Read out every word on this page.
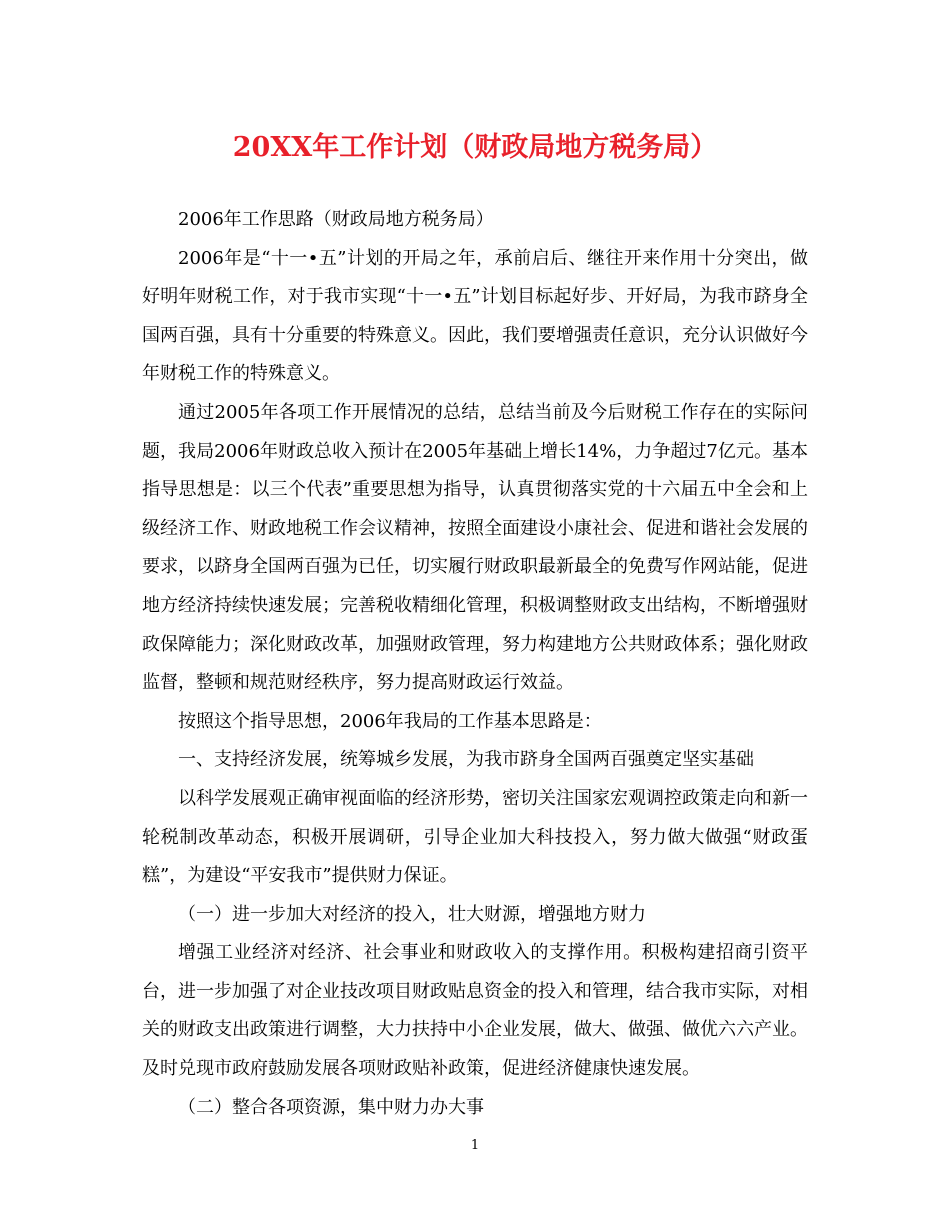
20XX年工作计划（财政局地方税务局）

2006年工作思路（财政局地方税务局）

2006年是“十一•五”计划的开局之年，承前启后、继往开来作用十分突出，做好明年财税工作，对于我市实现“十一•五”计划目标起好步、开好局，为我市跻身全国两百强，具有十分重要的特殊意义。因此，我们要增强责任意识，充分认识做好今年财税工作的特殊意义。

通过2005年各项工作开展情况的总结，总结当前及今后财税工作存在的实际问题，我局2006年财政总收入预计在2005年基础上增长14%，力争超过7亿元。基本指导思想是：以三个代表”重要思想为指导，认真贯彻落实党的十六届五中全会和上级经济工作、财政地税工作会议精神，按照全面建设小康社会、促进和谐社会发展的要求，以跻身全国两百强为已任，切实履行财政职最新最全的免费写作网站能，促进地方经济持续快速发展；完善税收精细化管理，积极调整财政支出结构，不断增强财政保障能力；深化财政改革，加强财政管理，努力构建地方公共财政体系；强化财政监督，整顿和规范财经秩序，努力提高财政运行效益。

按照这个指导思想，2006年我局的工作基本思路是：

一、支持经济发展，统筹城乡发展，为我市跻身全国两百强奠定坚实基础

以科学发展观正确审视面临的经济形势，密切关注国家宏观调控政策走向和新一轮税制改革动态，积极开展调研，引导企业加大科技投入，努力做大做强“财政蛋糕”，为建设“平安我市”提供财力保证。

（一）进一步加大对经济的投入，壮大财源，增强地方财力

增强工业经济对经济、社会事业和财政收入的支撑作用。积极构建招商引资平台，进一步加强了对企业技改项目财政贴息资金的投入和管理，结合我市实际，对相关的财政支出政策进行调整，大力扶持中小企业发展，做大、做强、做优六六产业。及时兑现市政府鼓励发展各项财政贴补政策，促进经济健康快速发展。

（二）整合各项资源，集中财力办大事

1
